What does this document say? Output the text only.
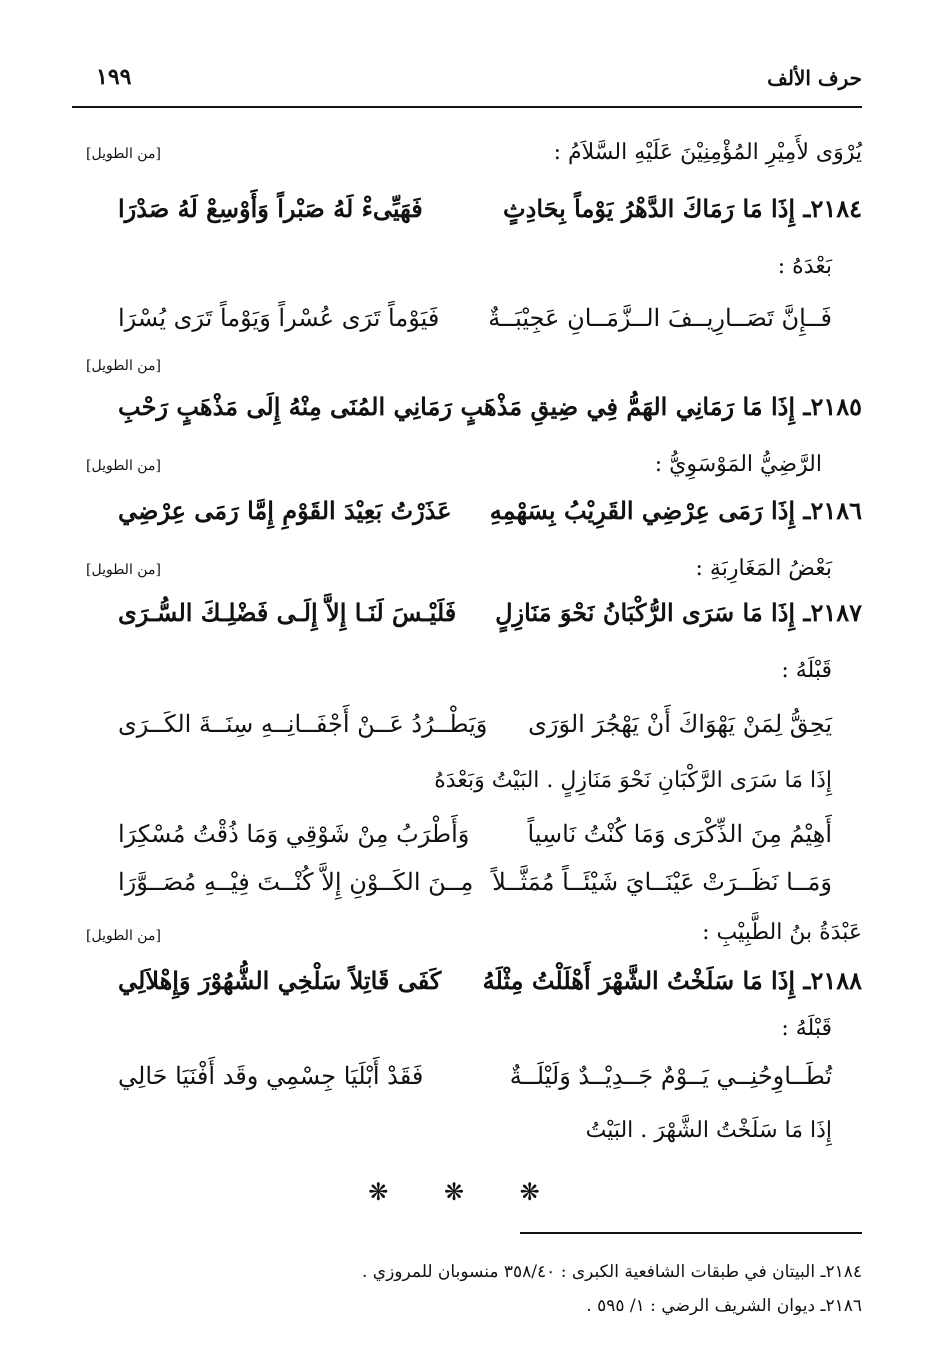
حرف الألف
١٩٩
يُرْوَى لأَمِيْرِ المُؤْمِنِيْنَ عَلَيْهِ السَّلاَمُ :
[من الطويل]
٢١٨٤ـ إِذَا مَا رَمَاكَ الدَّهْرُ يَوْماً بِحَادِثٍ
فَهَيِّىءْ لَهُ صَبْراً وَأَوْسِعْ لَهُ صَدْرَا
بَعْدَهُ :
فَــإِنَّ تَصَــارِيــفَ الــزَّمَــانِ عَجِيْبَــةٌ
فَيَوْماً تَرَى عُسْراً وَيَوْماً تَرَى يُسْرَا
[من الطويل]
٢١٨٥ـ إِذَا مَا رَمَانِي الهَمُّ فِي ضِيقِ مَذْهَبٍ
رَمَانِي المُنَى مِنْهُ إِلَى مَذْهَبٍ رَحْبِ
الرَّضِيُّ المَوْسَوِيُّ :
[من الطويل]
٢١٨٦ـ إِذَا رَمَى عِرْضِي القَرِيْبُ بِسَهْمِهِ
عَذَرْتُ بَعِيْدَ القَوْمِ إِمَّا رَمَى عِرْضِي
بَعْضُ المَغَارِبَةِ :
[من الطويل]
٢١٨٧ـ إِذَا مَا سَرَى الرُّكْبَانُ نَحْوَ مَنَازِلٍ
فَلَيْـسَ لَنَـا إِلاَّ إِلَـى فَضْلِـكَ السُّـرَى
قَبْلَهُ :
يَحِقُّ لِمَنْ يَهْوَاكَ أَنْ يَهْجُرَ الوَرَى
وَيَطْــرُدُ عَــنْ أَجْفَــانِــهِ سِنَــةَ الكَــرَى
إِذَا مَا سَرَى الرَّكْبَانِ نَحْوَ مَنَازِلٍ . البَيْتُ وَبَعْدَهُ
أَهِيْمُ مِنَ الذِّكْرَى وَمَا كُنْتُ نَاسِياً
وَأَطْرَبُ مِنْ شَوْقِي وَمَا ذُقْتُ مُسْكِرَا
وَمَــا نَظَــرَتْ عَيْنَــايَ شَيْئَــاً مُمَثَّــلاً
مِــنَ الكَــوْنِ إِلاَّ كُنْــتَ فِيْــهِ مُصَــوَّرَا
عَبْدَةُ بنُ الطَّبِيْبِ :
[من الطويل]
٢١٨٨ـ إِذَا مَا سَلَخْتُ الشَّهْرَ أَهْلَلْتُ مِثْلَهُ
كَفَى قَاتِلاً سَلْخِي الشُّهُوْرَ وَإِهْلاَلِي
قَبْلَهُ :
تُطَــاوِحُنِــي يَــوْمٌ جَــدِيْــدٌ وَلَيْلَــةٌ
فَقَدْ أَبْلَيَا جِسْمِي وقَد أَفْنَيَا حَالِي
إِذَا مَا سَلَخْتُ الشَّهْرَ . البَيْتُ
❋ ❋ ❋
٢١٨٤ـ البيتان في طبقات الشافعية الكبرى : ٣٥٨/٤٠ منسوبان للمروزي .
٢١٨٦ـ ديوان الشريف الرضي : ١/ ٥٩٥ .
